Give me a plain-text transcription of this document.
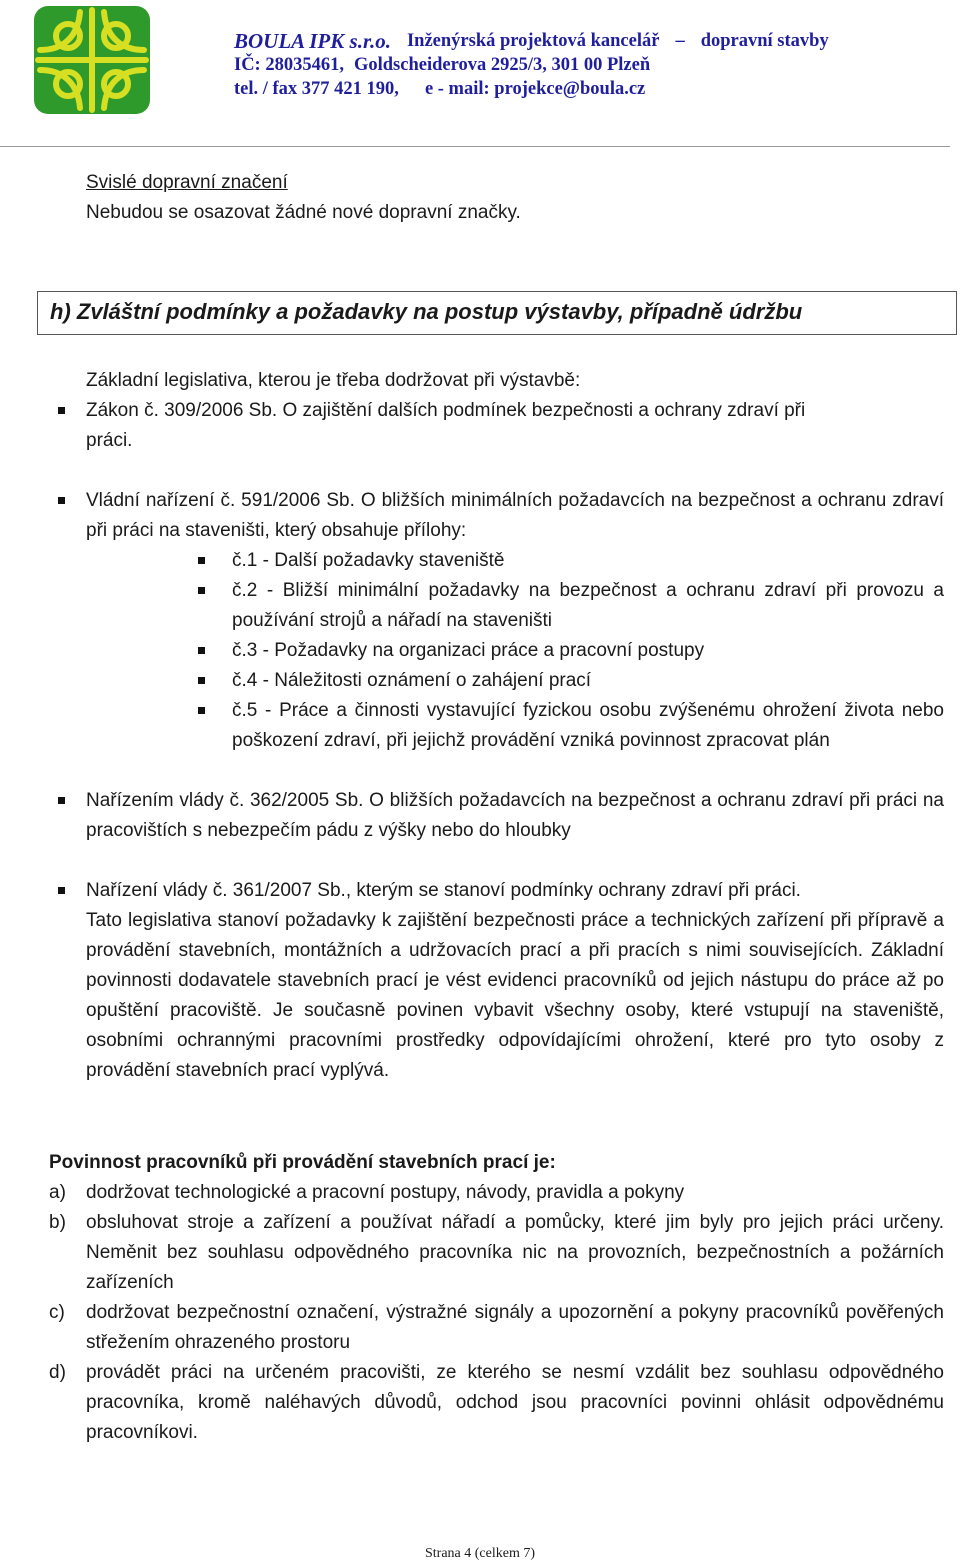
BOULA IPK s.r.o. Inženýrská projektová kancelář – dopravní stavby
IČ: 28035461, Goldscheiderova 2925/3, 301 00 Plzeň
tel. / fax 377 421 190, e - mail: projekce@boula.cz
Svislé dopravní značení
Nebudou se osazovat žádné nové dopravní značky.
h) Zvláštní podmínky a požadavky na postup výstavby, případně údržbu
Základní legislativa, kterou je třeba dodržovat při výstavbě:
Zákon č. 309/2006 Sb. O zajištění dalších podmínek bezpečnosti a ochrany zdraví při
práci.
Vládní nařízení č. 591/2006 Sb. O bližších minimálních požadavcích na bezpečnost a ochranu zdraví při práci na staveništi, který obsahuje přílohy:
č.1 - Další požadavky staveniště
č.2 - Bližší minimální požadavky na bezpečnost a ochranu zdraví při provozu a používání strojů a nářadí na staveništi
č.3 - Požadavky na organizaci práce a pracovní postupy
č.4 - Náležitosti oznámení o zahájení prací
č.5 - Práce a činnosti vystavující fyzickou osobu zvýšenému ohrožení života nebo poškození zdraví, při jejichž provádění vzniká povinnost zpracovat plán
Nařízením vlády č. 362/2005 Sb. O bližších požadavcích na bezpečnost a ochranu zdraví při práci na pracovištích s nebezpečím pádu z výšky nebo do hloubky
Nařízení vlády č. 361/2007 Sb., kterým se stanoví podmínky ochrany zdraví při práci.
Tato legislativa stanoví požadavky k zajištění bezpečnosti práce a technických zařízení při přípravě a provádění stavebních, montážních a udržovacích prací a při pracích s nimi souvisejících. Základní povinnosti dodavatele stavebních prací je vést evidenci pracovníků od jejich nástupu do práce až po opuštění pracoviště. Je současně povinen vybavit všechny osoby, které vstupují na staveniště, osobními ochrannými pracovními prostředky odpovídajícími ohrožení, které pro tyto osoby z provádění stavebních prací vyplývá.
Povinnost pracovníků při provádění stavebních prací je:
a) dodržovat technologické a pracovní postupy, návody, pravidla a pokyny
b) obsluhovat stroje a zařízení a používat nářadí a pomůcky, které jim byly pro jejich práci určeny. Neměnit bez souhlasu odpovědného pracovníka nic na provozních, bezpečnostních a požárních zařízeních
c) dodržovat bezpečnostní označení, výstražné signály a upozornění a pokyny pracovníků pověřených střežením ohrazeného prostoru
d) provádět práci na určeném pracovišti, ze kterého se nesmí vzdálit bez souhlasu odpovědného pracovníka, kromě naléhavých důvodů, odchod jsou pracovníci povinni ohlásit odpovědnému pracovníkovi.
Strana 4 (celkem 7)
